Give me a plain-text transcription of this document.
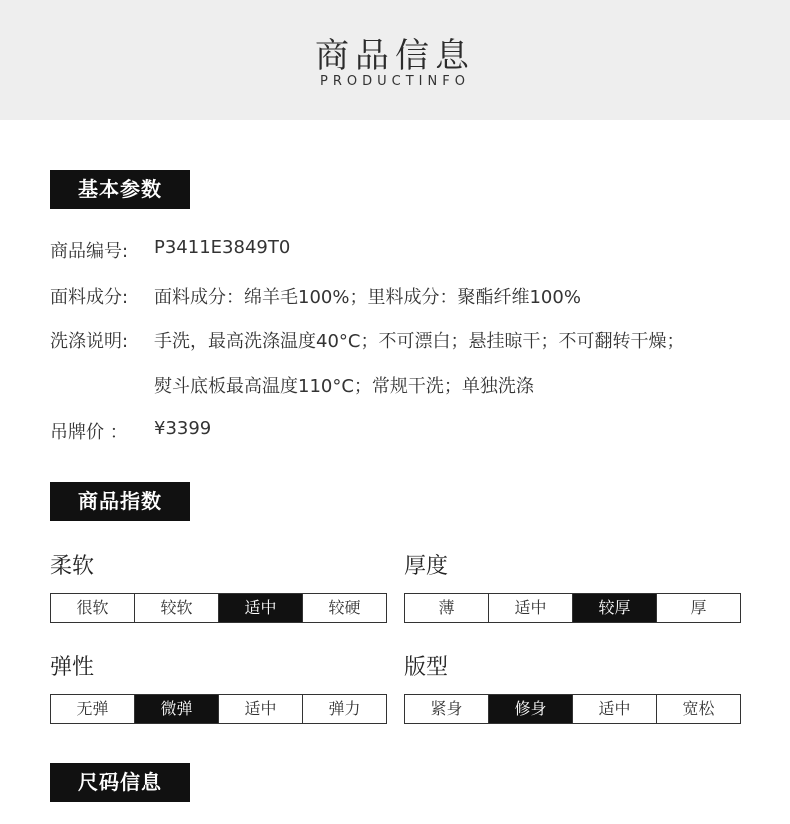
商品信息
PRODUCTINFO
基本参数
商品编号:	P3411E3849T0
面料成分:	面料成分：绵羊毛100%；里料成分：聚酯纤维100%
洗涤说明:	手洗，最高洗涤温度40°C；不可漂白；悬挂晾干；不可翻转干燥；
熨斗底板最高温度110°C；常规干洗；单独洗涤
吊牌价 ：	¥3399
商品指数
柔软
很软	较软	适中	较硬
厚度
薄	适中	较厚	厚
弹性
无弹	微弹	适中	弹力
版型
紧身	修身	适中	宽松
尺码信息
